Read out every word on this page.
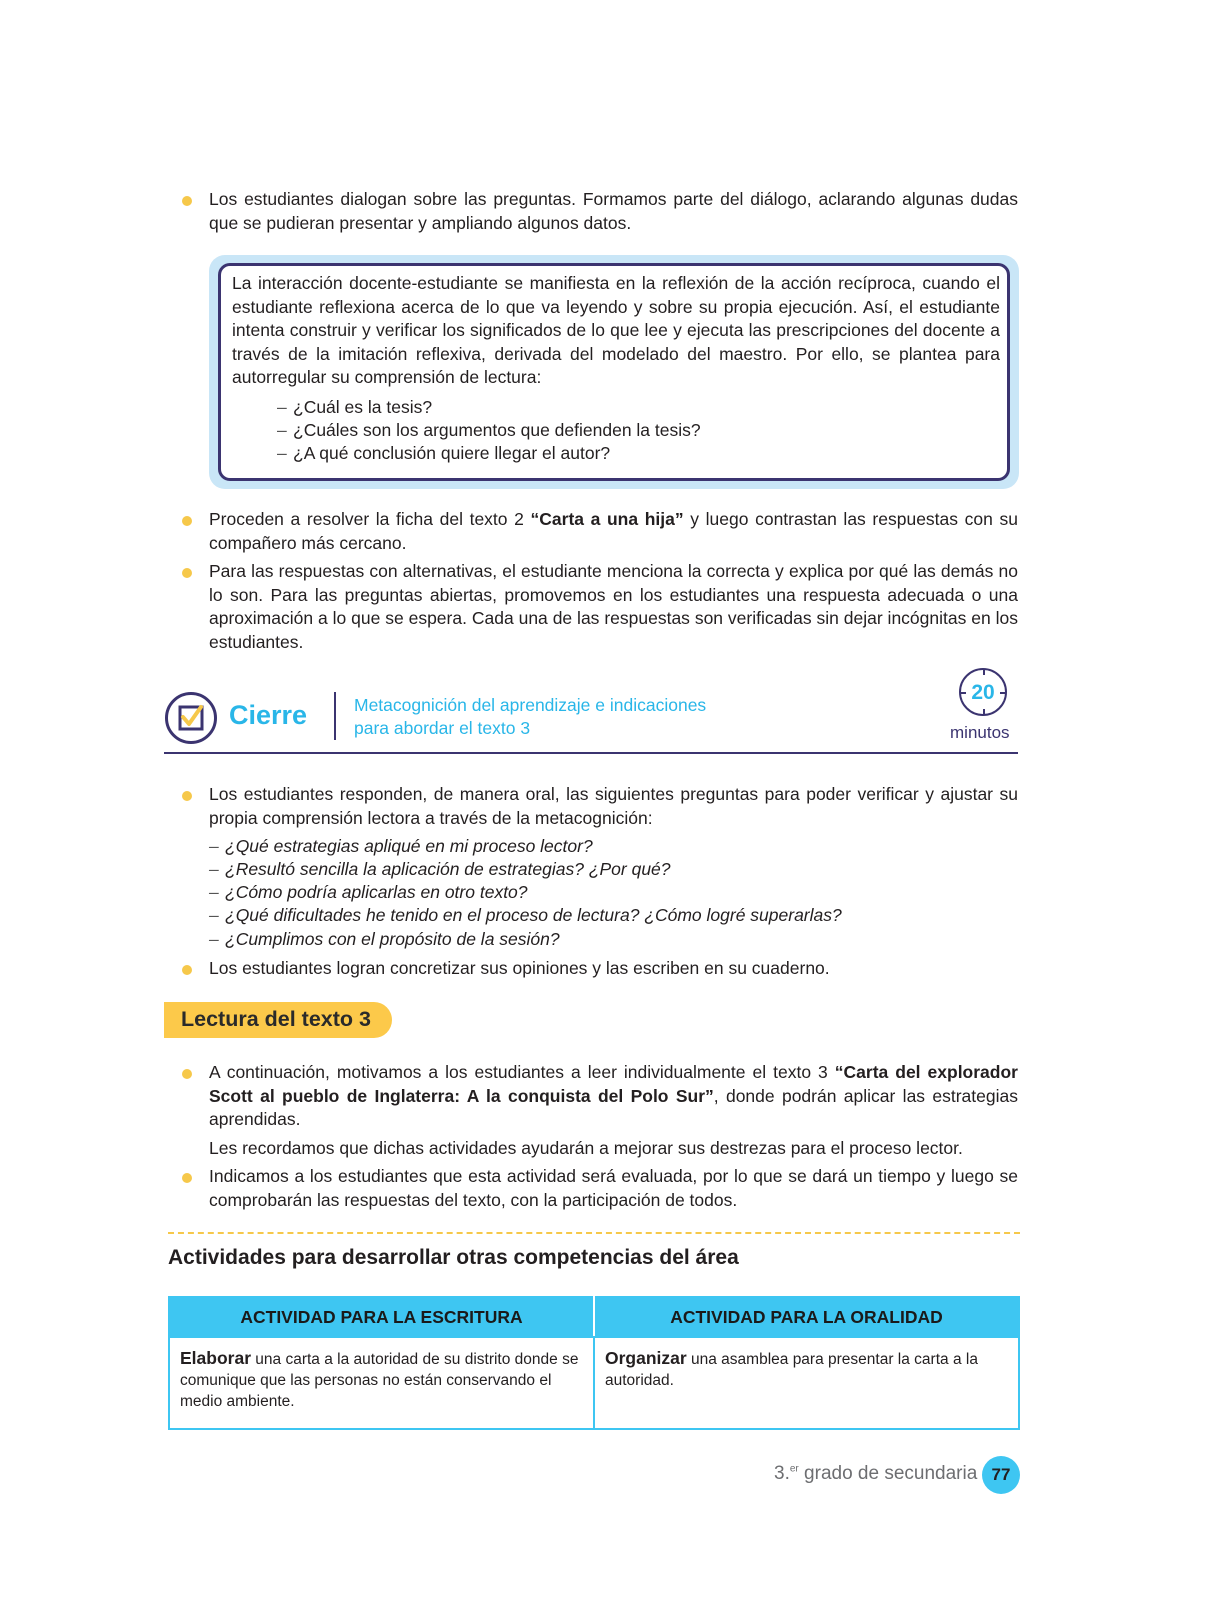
Los estudiantes dialogan sobre las preguntas. Formamos parte del diálogo, aclarando algunas dudas que se pudieran presentar y ampliando algunos datos.
La interacción docente-estudiante se manifiesta en la reflexión de la acción recíproca, cuando el estudiante reflexiona acerca de lo que va leyendo y sobre su propia ejecución. Así, el estudiante intenta construir y verificar los significados de lo que lee y ejecuta las prescripciones del docente a través de la imitación reflexiva, derivada del modelado del maestro. Por ello, se plantea para autorregular su comprensión de lectura:
– ¿Cuál es la tesis?
– ¿Cuáles son los argumentos que defienden la tesis?
– ¿A qué conclusión quiere llegar el autor?
Proceden a resolver la ficha del texto 2 “Carta a una hija” y luego contrastan las respuestas con su compañero más cercano.
Para las respuestas con alternativas, el estudiante menciona la correcta y explica por qué las demás no lo son. Para las preguntas abiertas, promovemos en los estudiantes una respuesta adecuada o una aproximación a lo que se espera. Cada una de las respuestas son verificadas sin dejar incógnitas en los estudiantes.
Cierre	Metacognición del aprendizaje e indicaciones
para abordar el texto 3
20
minutos
Los estudiantes responden, de manera oral, las siguientes preguntas para poder verificar y ajustar su propia comprensión lectora a través de la metacognición:
– ¿Qué estrategias apliqué en mi proceso lector?
– ¿Resultó sencilla la aplicación de estrategias? ¿Por qué?
– ¿Cómo podría aplicarlas en otro texto?
– ¿Qué dificultades he tenido en el proceso de lectura? ¿Cómo logré superarlas?
– ¿Cumplimos con el propósito de la sesión?
Los estudiantes logran concretizar sus opiniones y las escriben en su cuaderno.
Lectura del texto 3
A continuación, motivamos a los estudiantes a leer individualmente el texto 3 “Carta del explorador Scott al pueblo de Inglaterra: A la conquista del Polo Sur”, donde podrán aplicar las estrategias aprendidas.
Les recordamos que dichas actividades ayudarán a mejorar sus destrezas para el proceso lector.
Indicamos a los estudiantes que esta actividad será evaluada, por lo que se dará un tiempo y luego se comprobarán las respuestas del texto, con la participación de todos.
Actividades para desarrollar otras competencias del área
ACTIVIDAD PARA LA ESCRITURA	ACTIVIDAD PARA LA ORALIDAD
Elaborar una carta a la autoridad de su distrito donde se comunique que las personas no están conservando el medio ambiente.	Organizar una asamblea para presentar la carta a la autoridad.
3.$^{er}$ grado de secundaria 77
